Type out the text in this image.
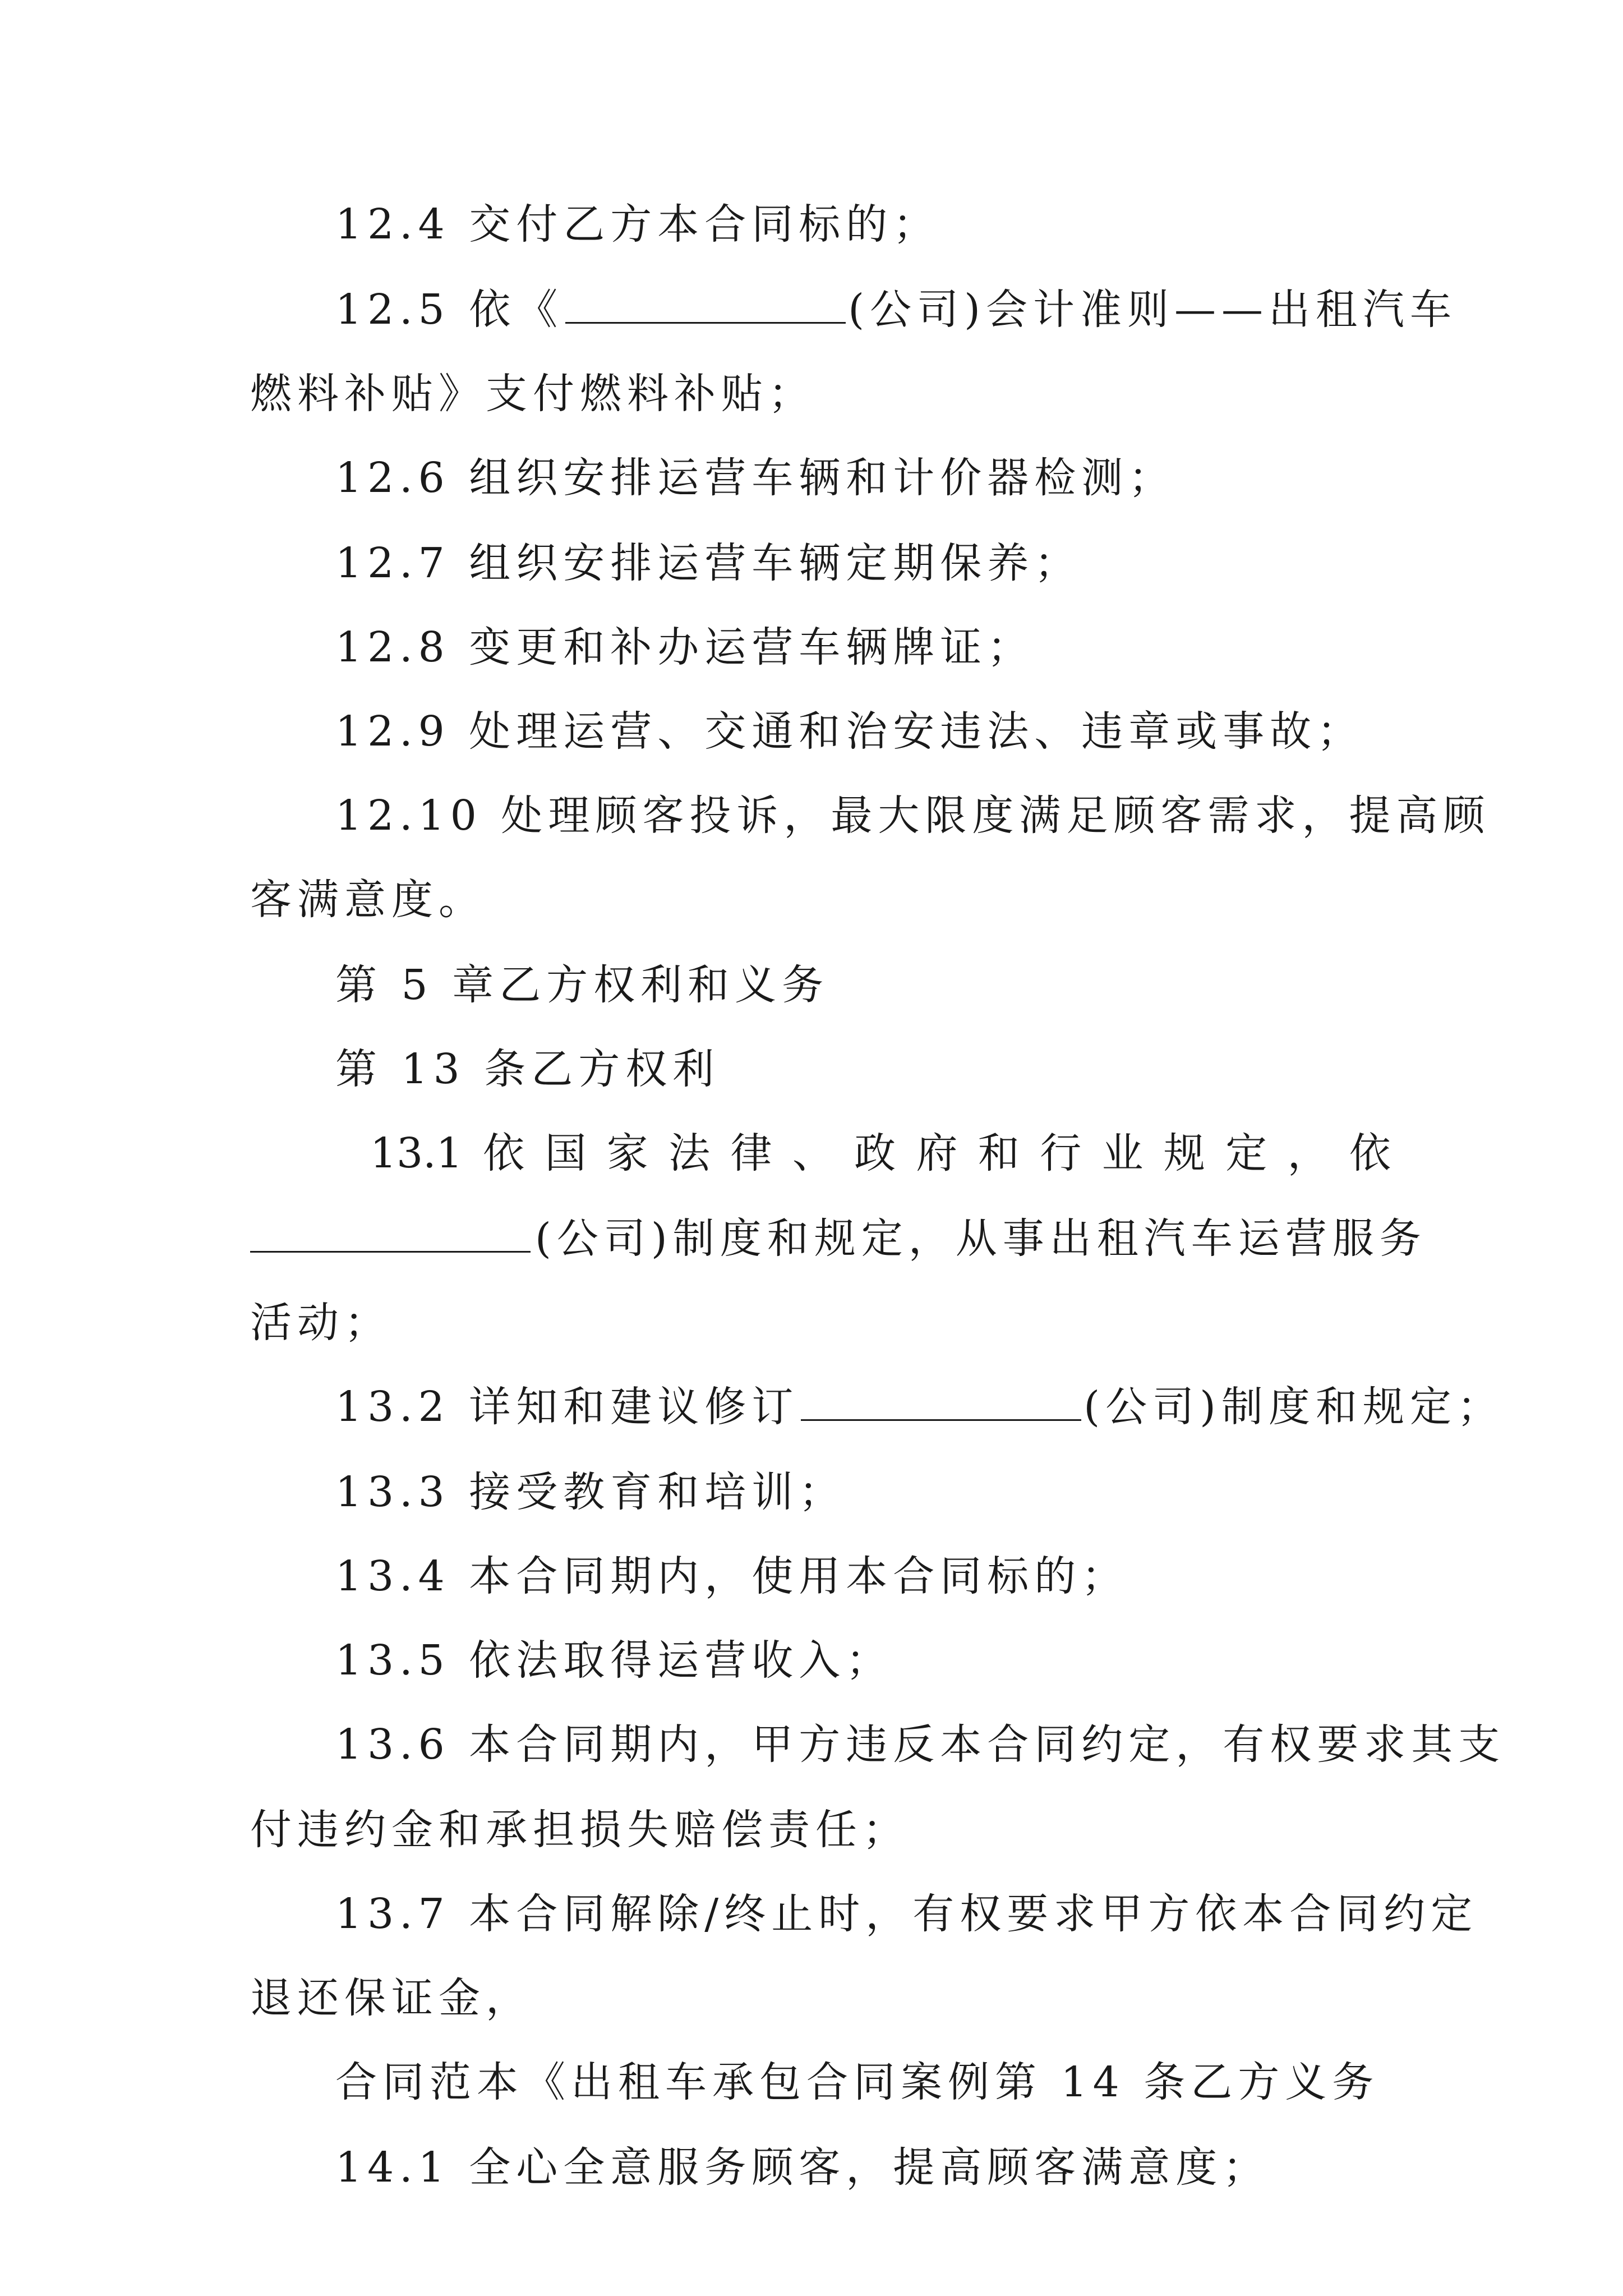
12.4 交付乙方本合同标的；
12.5 依《	(公司)会计准则——出租汽车
燃料补贴》支付燃料补贴；
12.6 组织安排运营车辆和计价器检测；
12.7 组织安排运营车辆定期保养；
12.8 变更和补办运营车辆牌证；
12.9 处理运营、交通和治安违法、违章或事故；
12.10 处理顾客投诉，最大限度满足顾客需求，提高顾
客满意度。
第 5 章乙方权利和义务
第 13 条乙方权利
13.1 依 国 家 法 律 、 政 府 和 行 业 规 定 ， 依
(公司)制度和规定，从事出租汽车运营服务
活动；
13.2 详知和建议修订	(公司)制度和规定；
13.3 接受教育和培训；
13.4 本合同期内，使用本合同标的；
13.5 依法取得运营收入；
13.6 本合同期内，甲方违反本合同约定，有权要求其支
付违约金和承担损失赔偿责任；
13.7 本合同解除/终止时，有权要求甲方依本合同约定
退还保证金，
合同范本《出租车承包合同案例第 14 条乙方义务
14.1 全心全意服务顾客，提高顾客满意度；
